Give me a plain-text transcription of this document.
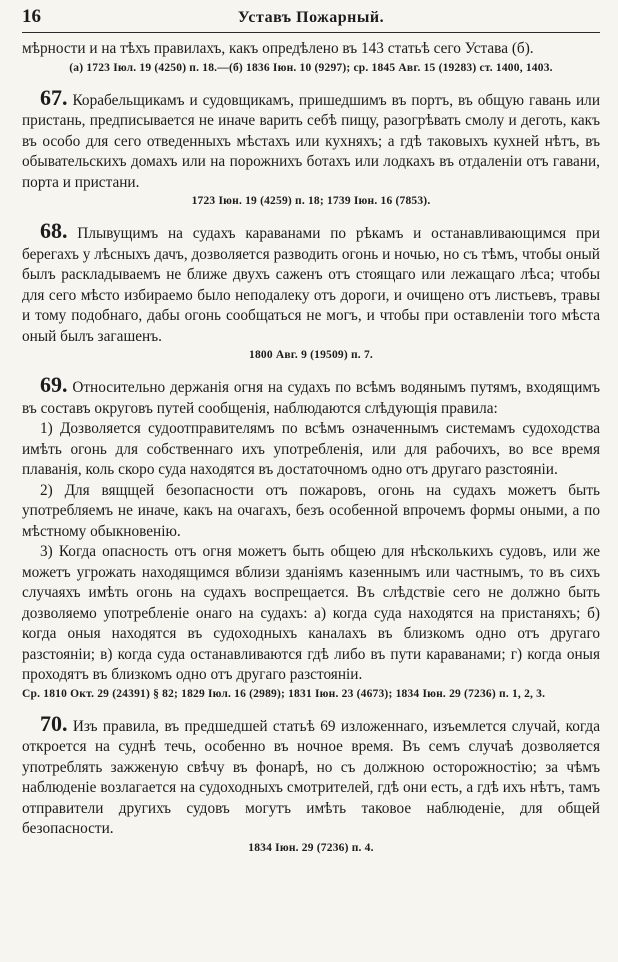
16	Уставъ Пожарный.

мѣрности и на тѣхъ правилахъ, какъ опредѣлено въ 143 статьѣ сего Устава (б).

(а) 1723 Іюл. 19 (4250) п. 18.—(б) 1836 Іюн. 10 (9297); ср. 1845 Авг. 15 (19283) ст. 1400, 1403.

67. Корабельщикамъ и судовщикамъ, пришедшимъ въ портъ, въ общую гавань или пристань, предписывается не иначе варить себѣ пищу, разогрѣвать смолу и деготь, какъ въ особо для сего отведенныхъ мѣстахъ или кухняхъ; а гдѣ таковыхъ кухней нѣтъ, въ обывательскихъ домахъ или на порожнихъ ботахъ или лодкахъ въ отдаленіи отъ гавани, порта и пристани.

1723 Іюн. 19 (4259) п. 18; 1739 Іюн. 16 (7853).

68. Плывущимъ на судахъ караванами по рѣкамъ и останавливающимся при берегахъ у лѣсныхъ дачъ, дозволяется разводить огонь и ночью, но съ тѣмъ, чтобы оный былъ раскладываемъ не ближе двухъ саженъ отъ стоящаго или лежащаго лѣса; чтобы для сего мѣсто избираемо было неподалеку отъ дороги, и очищено отъ листьевъ, травы и тому подобнаго, дабы огонь сообщаться не могъ, и чтобы при оставленіи того мѣста оный былъ загашенъ.

1800 Авг. 9 (19509) п. 7.

69. Относительно держанія огня на судахъ по всѣмъ водянымъ путямъ, входящимъ въ составъ округовъ путей сообщенія, наблюдаются слѣдующія правила:

1) Дозволяется судоотправителямъ по всѣмъ означеннымъ системамъ судоходства имѣть огонь для собственнаго ихъ употребленія, или для рабочихъ, во все время плаванія, коль скоро суда находятся въ достаточномъ одно отъ другаго разстояніи.

2) Для вящщей безопасности отъ пожаровъ, огонь на судахъ можетъ быть употребляемъ не иначе, какъ на очагахъ, безъ особенной впрочемъ формы оными, а по мѣстному обыкновенію.

3) Когда опасность отъ огня можетъ быть общею для нѣсколькихъ судовъ, или же можетъ угрожать находящимся вблизи зданіямъ казеннымъ или частнымъ, то въ сихъ случаяхъ имѣть огонь на судахъ воспрещается. Въ слѣдствіе сего не должно быть дозволяемо употребленіе онаго на судахъ: а) когда суда находятся на пристаняхъ; б) когда оныя находятся въ судоходныхъ каналахъ въ близкомъ одно отъ другаго разстояніи; в) когда суда останавливаются гдѣ либо въ пути караванами; г) когда оныя проходятъ въ близкомъ одно отъ другаго разстояніи.

Ср. 1810 Окт. 29 (24391) § 82; 1829 Іюл. 16 (2989); 1831 Іюн. 23 (4673); 1834 Іюн. 29 (7236) п. 1, 2, 3.

70. Изъ правила, въ предшедшей статьѣ 69 изложеннаго, изъемлется случай, когда откроется на суднѣ течь, особенно въ ночное время. Въ семъ случаѣ дозволяется употреблять зажженую свѣчу въ фонарѣ, но съ должною осторожностію; за чѣмъ наблюденіе возлагается на судоходныхъ смотрителей, гдѣ они есть, а гдѣ ихъ нѣтъ, тамъ отправители другихъ судовъ могутъ имѣть таковое наблюденіе, для общей безопасности.

1834 Іюн. 29 (7236) п. 4.
